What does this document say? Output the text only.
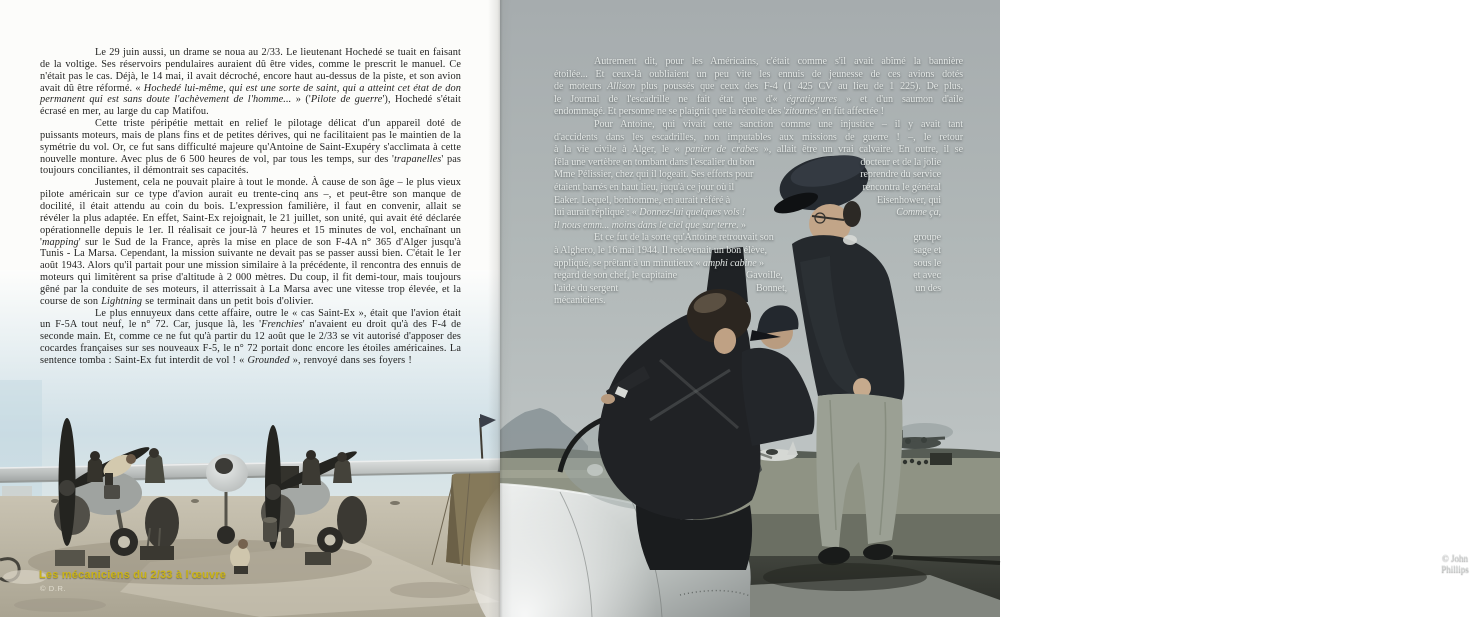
Le 29 juin aussi, un drame se noua au 2/33. Le lieutenant Hochedé se tuait en faisant de la voltige. Ses réservoirs pendulaires auraient dû être vides, comme le prescrit le manuel. Ce n'était pas le cas. Déjà, le 14 mai, il avait décroché, encore haut au-dessus de la piste, et son avion avait dû être réformé. « Hochedé lui-même, qui est une sorte de saint, qui a atteint cet état de don permanent qui est sans doute l'achèvement de l'homme... » ('Pilote de guerre'), Hochedé s'était écrasé en mer, au large du cap Matifou.

Cette triste péripétie mettait en relief le pilotage délicat d'un appareil doté de puissants moteurs, mais de plans fins et de petites dérives, qui ne facilitaient pas le maintien de la symétrie du vol. Or, ce fut sans difficulté majeure qu'Antoine de Saint-Exupéry s'acclimata à cette nouvelle monture. Avec plus de 6 500 heures de vol, par tous les temps, sur des 'trapanelles' pas toujours conciliantes, il démontrait ses capacités.

Justement, cela ne pouvait plaire à tout le monde. À cause de son âge – le plus vieux pilote américain sur ce type d'avion aurait eu trente-cinq ans –, et peut-être son manque de docilité, il était attendu au coin du bois. L'expression familière, il faut en convenir, allait se révéler la plus adaptée. En effet, Saint-Ex rejoignait, le 21 juillet, son unité, qui avait été déclarée opérationnelle depuis le 1er. Il réalisait ce jour-là 7 heures et 15 minutes de vol, enchaînant un 'mapping' sur le Sud de la France, après la mise en place de son F-4A n° 365 d'Alger jusqu'à Tunis - La Marsa. Cependant, la mission suivante ne devait pas se passer aussi bien. C'était le 1er août 1943. Alors qu'il partait pour une mission similaire à la précédente, il rencontra des ennuis de moteurs qui limitèrent sa prise d'altitude à 2 000 mètres. Du coup, il fit demi-tour, mais toujours gêné par la conduite de ses moteurs, il atterrissait à La Marsa avec une vitesse trop élevée, et la course de son Lightning se terminait dans un petit bois d'olivier.

Le plus ennuyeux dans cette affaire, outre le « cas Saint-Ex », était que l'avion était un F-5A tout neuf, le n° 72. Car, jusque là, les 'Frenchies' n'avaient eu droit qu'à des F-4 de seconde main. Et, comme ce ne fut qu'à partir du 12 août que le 2/33 se vit autorisé d'apposer des cocardes françaises sur ses nouveaux F-5, le n° 72 portait donc encore les étoiles américaines. La sentence tomba : Saint-Ex fut interdit de vol ! « Grounded », renvoyé dans ses foyers !

Les mécaniciens du 2/33 à l'œuvre
© D.R.
Autrement dit, pour les Américains, c'était comme s'il avait abîmé la bannière
étoilée... Et ceux-là oubliaient un peu vite les ennuis de jeunesse de ces avions dotés
de moteurs Allison plus poussés que ceux des F-4 (1 425 CV au lieu de 1 225). De plus,
le Journal de l'escadrille ne fait état que d'« égratignures » et d'un saumon d'aile
endommagé. Et personne ne se plaignit que la récolte des 'zitounes' en fût affectée !
Pour Antoine, qui vivait cette sanction comme une injustice – il y avait tant
d'accidents dans les escadrilles, non imputables aux missions de guerre ! –, le retour
à la vie civile à Alger, le « panier de crabes », allait être un vrai calvaire. En outre, il se
fêla une vertèbre en tombant dans l'escalier du bon	docteur et de la jolie
Mme Pélissier, chez qui il logeait. Ses efforts pour	reprendre du service
étaient barrés en haut lieu, juqu'à ce jour où il	rencontra le général
Eaker. Lequel, bonhomme, en aurait référé à	Eisenhower, qui
lui aurait répliqué : « Donnez-lui quelques vols !	Comme ça,
il nous emm... moins dans le ciel que sur terre. »
Et ce fut de la sorte qu'Antoine retrouvait son	groupe
à Alghero, le 16 mai 1944. Il redevenait un bon élève,	sage et
appliqué, se prêtant à un minutieux « amphi cabine »	sous le
regard de son chef, le capitaine	Gavoille,	et avec
l'aide du sergent	Bonnet,	un des
mécaniciens.
© John
Phillips
